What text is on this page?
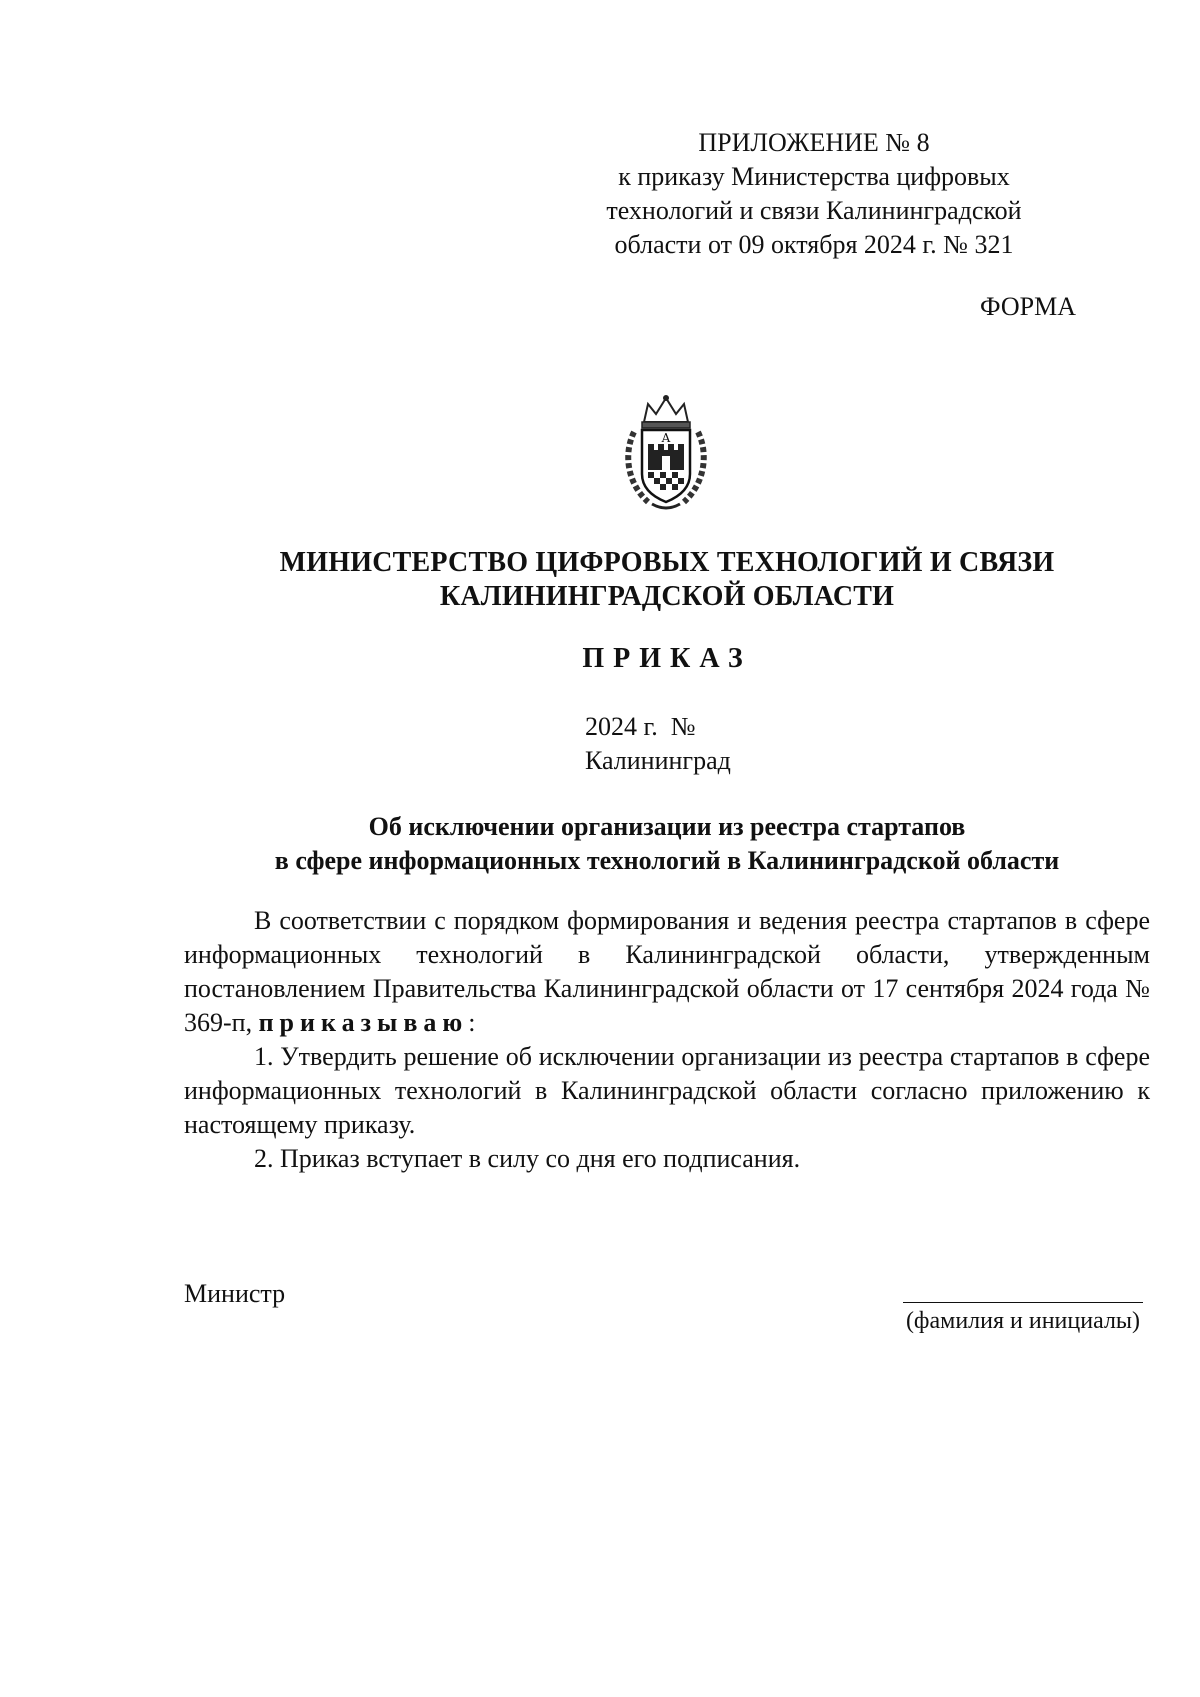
ПРИЛОЖЕНИЕ № 8
к приказу Министерства цифровых
технологий и связи Калининградской
области от 09 октября 2024 г. № 321
ФОРМА
A
МИНИСТЕРСТВО ЦИФРОВЫХ ТЕХНОЛОГИЙ И СВЯЗИ
КАЛИНИНГРАДСКОЙ ОБЛАСТИ
ПРИКАЗ
2024 г.  №
Калининград
Об исключении организации из реестра стартапов
в сфере информационных технологий в Калининградской области

В соответствии с порядком формирования и ведения реестра стартапов в сфере информационных технологий в Калининградской области, утвержденным постановлением Правительства Калининградской области от 17 сентября 2024 года № 369-п, приказываю:

1. Утвердить решение об исключении организации из реестра стартапов в сфере информационных технологий в Калининградской области согласно приложению к настоящему приказу.

2. Приказ вступает в силу со дня его подписания.

Министр
(фамилия и инициалы)
